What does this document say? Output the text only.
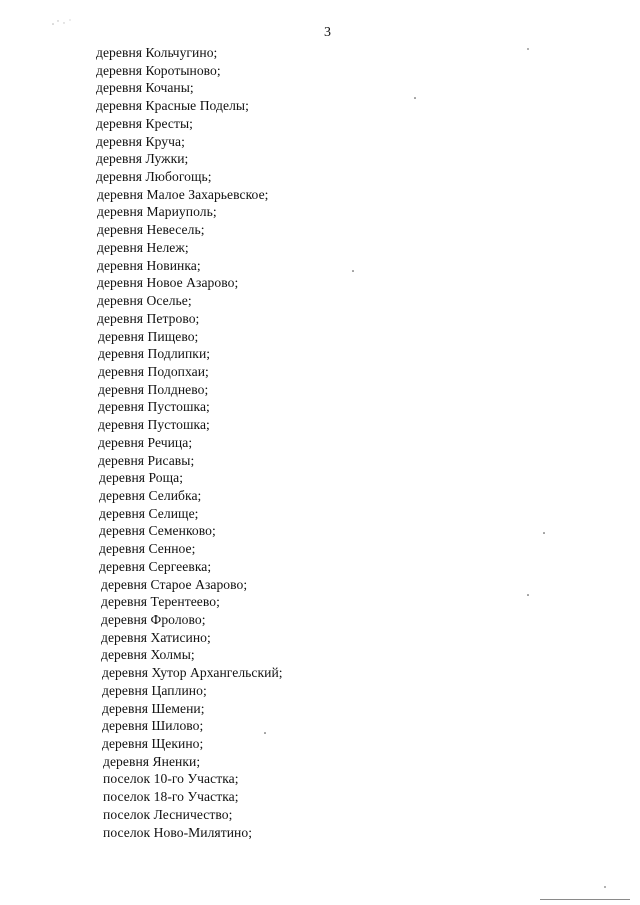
3
деревня Кольчугино;
деревня Коротыново;
деревня Кочаны;
деревня Красные Поделы;
деревня Кресты;
деревня Круча;
деревня Лужки;
деревня Любогощь;
деревня Малое Захарьевское;
деревня Мариуполь;
деревня Невесель;
деревня Нележ;
деревня Новинка;
деревня Новое Азарово;
деревня Оселье;
деревня Петрово;
деревня Пищево;
деревня Подлипки;
деревня Подопхаи;
деревня Полднево;
деревня Пустошка;
деревня Пустошка;
деревня Речица;
деревня Рисавы;
деревня Роща;
деревня Селибка;
деревня Селище;
деревня Семенково;
деревня Сенное;
деревня Сергеевка;
деревня Старое Азарово;
деревня Терентеево;
деревня Фролово;
деревня Хатисино;
деревня Холмы;
деревня Хутор Архангельский;
деревня Цаплино;
деревня Шемени;
деревня Шилово;
деревня Щекино;
деревня Яненки;
поселок 10-го Участка;
поселок 18-го Участка;
поселок Лесничество;
поселок Ново-Милятино;
